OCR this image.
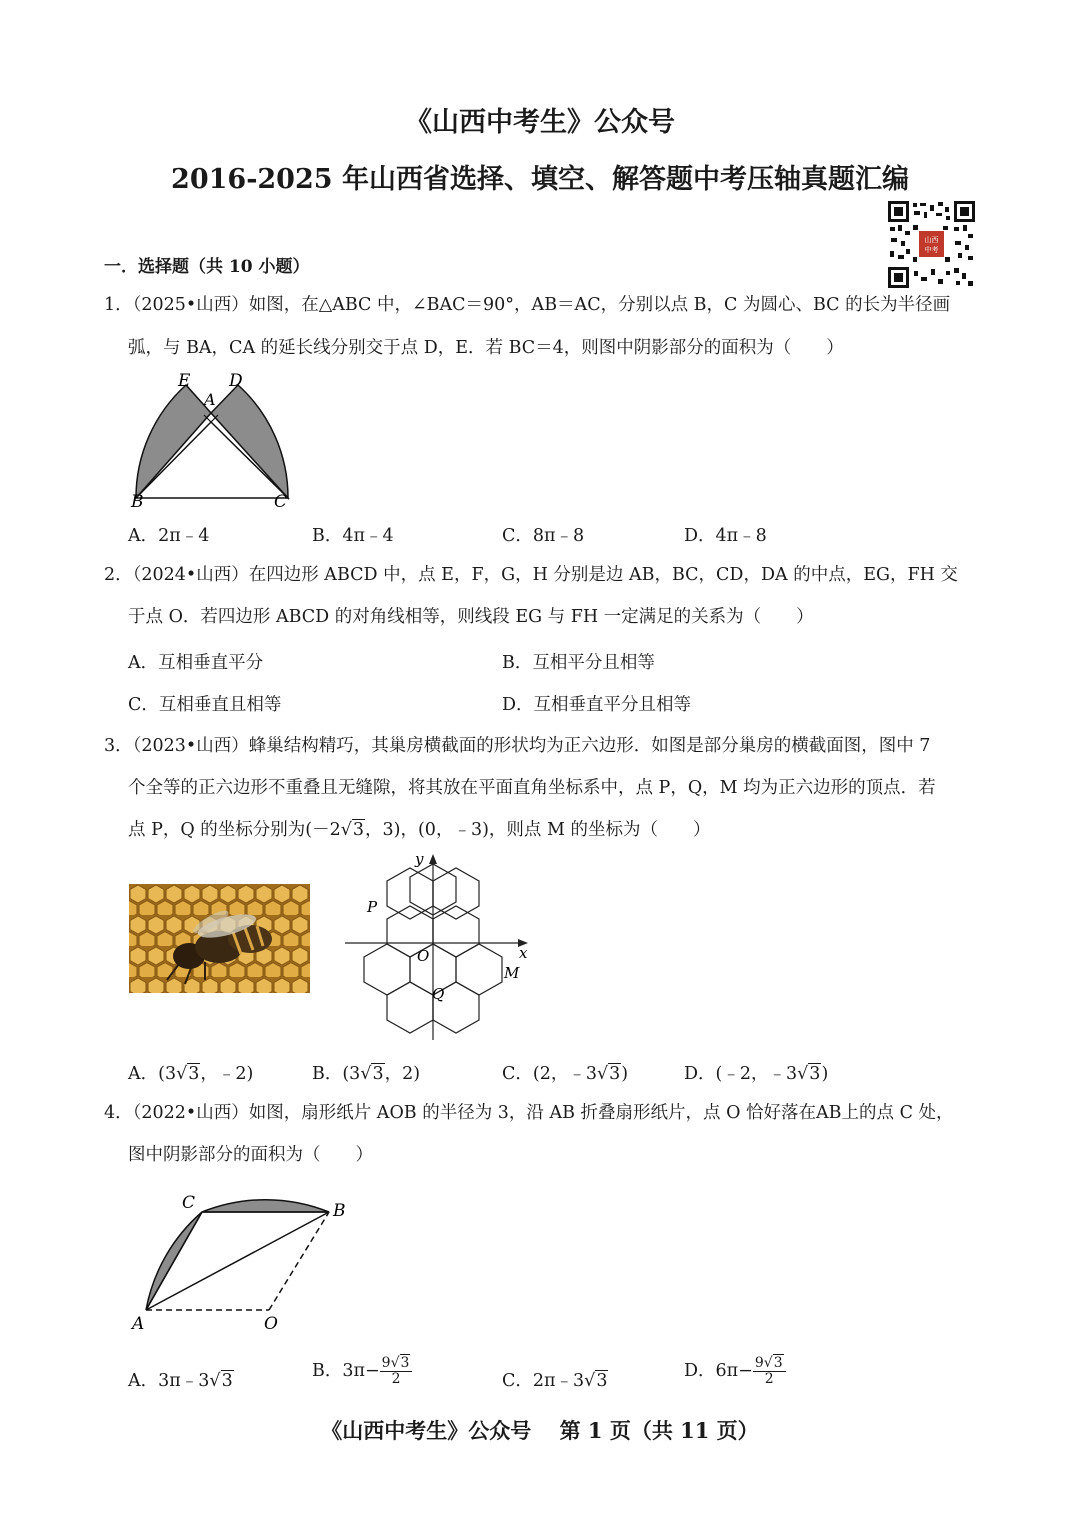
《山西中考生》公众号
2016-2025 年山西省选择、填空、解答题中考压轴真题汇编
山西
中考
一．选择题（共 10 小题）
1．（2025•山西）如图，在△ABC 中，∠BAC＝90°，AB＝AC，分别以点 B，C 为圆心、BC 的长为半径画
弧，与 BA，CA 的延长线分别交于点 D，E．若 BC＝4，则图中阴影部分的面积为（　　）
E D
A
B	C
A．2π﹣4	B．4π﹣4	C．8π﹣8	D．4π﹣8
2．（2024•山西）在四边形 ABCD 中，点 E，F，G，H 分别是边 AB，BC，CD，DA 的中点，EG，FH 交
于点 O．若四边形 ABCD 的对角线相等，则线段 EG 与 FH 一定满足的关系为（　　）
A．互相垂直平分	B．互相平分且相等
C．互相垂直且相等	D．互相垂直平分且相等
3．（2023•山西）蜂巢结构精巧，其巢房横截面的形状均为正六边形．如图是部分巢房的横截面图，图中 7
个全等的正六边形不重叠且无缝隙，将其放在平面直角坐标系中，点 P，Q，M 均为正六边形的顶点．若
点 P，Q 的坐标分别为(－2√3，3)，(0，﹣3)，则点 M 的坐标为（　　）
y
x
P
O
M
Q
A．(3√3，﹣2)	B．(3√3，2)	C．(2，﹣3√3)	D．(﹣2，﹣3√3)
4．（2022•山西）如图，扇形纸片 AOB 的半径为 3，沿 AB 折叠扇形纸片，点 O 恰好落在AB上的点 C 处，
图中阴影部分的面积为（　　）
C	B
A	O
A．3π﹣3√3	B．$3\pi- \frac{9√3}{2}$	C．2π﹣3√3	D．$6\pi- \frac{9√3}{2}$
《山西中考生》公众号　 第 1 页（共 11 页）
